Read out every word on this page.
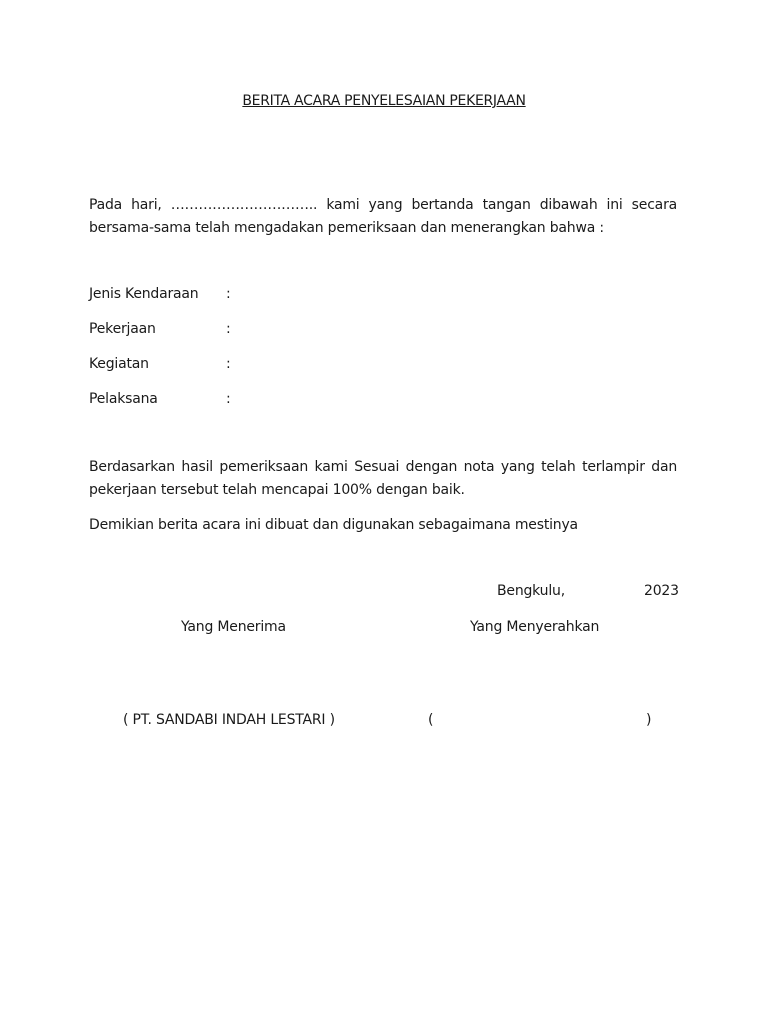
BERITA ACARA PENYELESAIAN PEKERJAAN
Pada hari, ………………………….. kami yang bertanda tangan dibawah ini secara bersama-sama telah mengadakan pemeriksaan dan menerangkan bahwa :
Jenis Kendaraan :
Pekerjaan	:
Kegiatan	:
Pelaksana	:
Berdasarkan hasil pemeriksaan kami Sesuai dengan nota yang telah terlampir dan pekerjaan tersebut telah mencapai 100% dengan baik.
Demikian berita acara ini dibuat dan digunakan sebagaimana mestinya
Bengkulu,	2023
Yang Menerima	Yang Menyerahkan
( PT. SANDABI INDAH LESTARI )	(	)
